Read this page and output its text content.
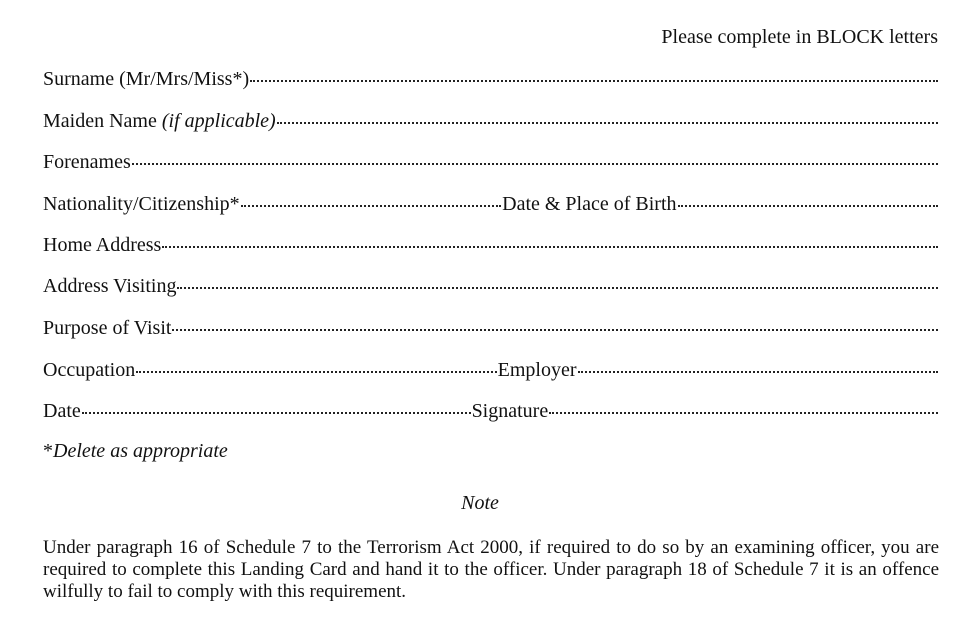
Please complete in BLOCK letters
Surname (Mr/Mrs/Miss*)
Maiden Name (if applicable)
Forenames
Nationality/Citizenship*	Date & Place of Birth
Home Address
Address Visiting
Purpose of Visit
Occupation	Employer
Date	Signature
*Delete as appropriate
Note
Under paragraph 16 of Schedule 7 to the Terrorism Act 2000, if required to do so by an examining officer, you are required to complete this Landing Card and hand it to the officer. Under paragraph 18 of Schedule 7 it is an offence wilfully to fail to comply with this requirement.
